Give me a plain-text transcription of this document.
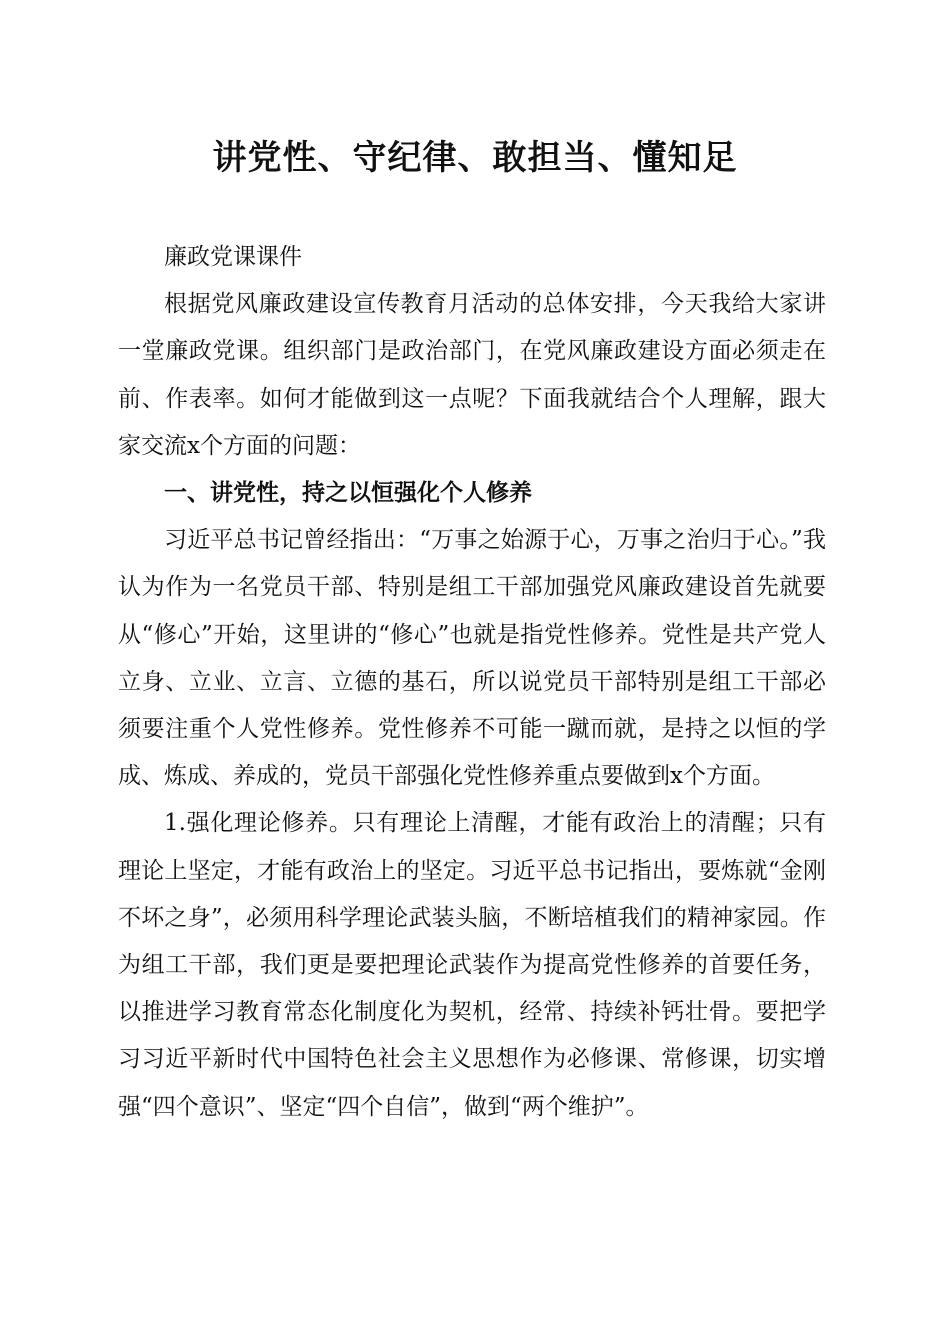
讲党性、守纪律、敢担当、懂知足

廉政党课课件

根据党风廉政建设宣传教育月活动的总体安排，今天我给大家讲一堂廉政党课。组织部门是政治部门，在党风廉政建设方面必须走在前、作表率。如何才能做到这一点呢？下面我就结合个人理解，跟大家交流x个方面的问题：

一、讲党性，持之以恒强化个人修养

习近平总书记曾经指出：“万事之始源于心，万事之治归于心。”我认为作为一名党员干部、特别是组工干部加强党风廉政建设首先就要从“修心”开始，这里讲的“修心”也就是指党性修养。党性是共产党人立身、立业、立言、立德的基石，所以说党员干部特别是组工干部必须要注重个人党性修养。党性修养不可能一蹴而就，是持之以恒的学成、炼成、养成的，党员干部强化党性修养重点要做到x个方面。

1.强化理论修养。只有理论上清醒，才能有政治上的清醒；只有理论上坚定，才能有政治上的坚定。习近平总书记指出，要炼就“金刚不坏之身”，必须用科学理论武装头脑，不断培植我们的精神家园。作为组工干部，我们更是要把理论武装作为提高党性修养的首要任务，以推进学习教育常态化制度化为契机，经常、持续补钙壮骨。要把学习习近平新时代中国特色社会主义思想作为必修课、常修课，切实增强“四个意识”、坚定“四个自信”，做到“两个维护”。
